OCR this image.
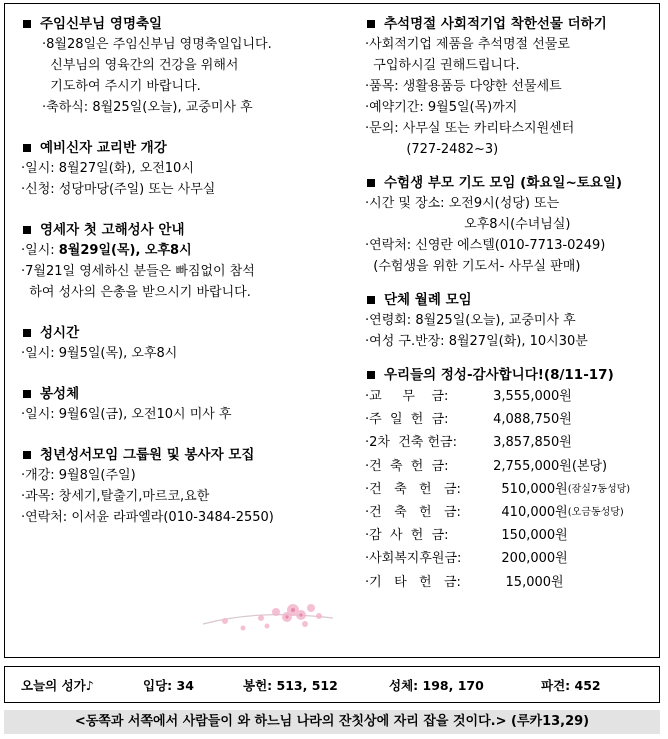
주임신부님 영명축일
·8월28일은 주임신부님 영명축일입니다.
신부님의 영육간의 건강을 위해서
기도하여 주시기 바랍니다.
·축하식: 8월25일(오늘), 교중미사 후
예비신자 교리반 개강
·일시: 8월27일(화), 오전10시
·신청: 성당마당(주일) 또는 사무실
영세자 첫 고해성사 안내
·일시: 8월29일(목), 오후8시
·7월21일 영세하신 분들은 빠짐없이 참석
하여 성사의 은총을 받으시기 바랍니다.
성시간
·일시: 9월5일(목), 오후8시
봉성체
·일시: 9월6일(금), 오전10시 미사 후
청년성서모임 그룹원 및 봉사자 모집
·개강: 9월8일(주일)
·과목: 창세기,탈출기,마르코,요한
·연락처: 이서윤 라파엘라(010-3484-2550)
추석명절 사회적기업 착한선물 더하기
·사회적기업 제품을 추석명절 선물로
구입하시길 권해드립니다.
·품목: 생활용품등 다양한 선물세트
·예약기간: 9월5일(목)까지
·문의: 사무실 또는 카리타스지원센터
(727-2482~3)
수험생 부모 기도 모임 (화요일~토요일)
·시간 및 장소: 오전9시(성당) 또는
오후8시(수녀님실)
·연락처: 신영란 에스텔(010-7713-0249)
(수험생을 위한 기도서- 사무실 판매)
단체 월례 모임
·연령회: 8월25일(오늘), 교중미사 후
·여성 구.반장: 8월27일(화), 10시30분
우리들의 정성-감사합니다!(8/11-17)
·교     무    금:	3,555,000원
·주  일  헌  금:	4,088,750원
·2차  건축 헌금:	3,857,850원
·건  축  헌  금:	2,755,000원 (본당)
·건   축   헌   금:	510,000원 (잠실7동성당)
·건   축   헌   금:	410,000원 (오금동성당)
·감  사  헌  금:	150,000원
·사회복지후원금:	200,000원
·기   타   헌   금:	15,000원
오늘의 성가♪	입당: 34	봉헌: 513, 512	성체: 198, 170	파견: 452
<동쪽과 서쪽에서 사람들이 와 하느님 나라의 잔칫상에 자리 잡을 것이다.> (루카13,29)
